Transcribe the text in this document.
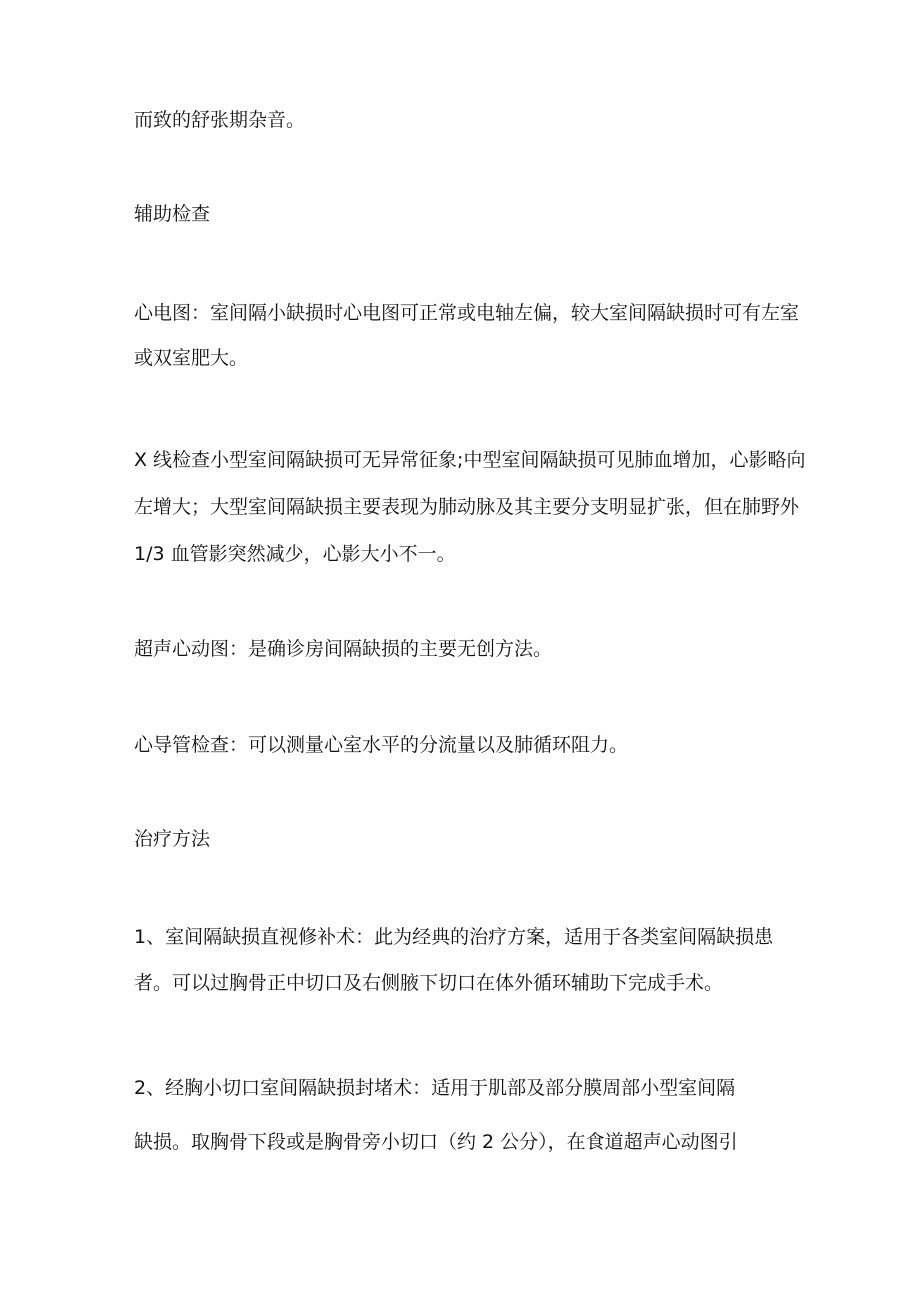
而致的舒张期杂音。
辅助检查
心电图：室间隔小缺损时心电图可正常或电轴左偏，较大室间隔缺损时可有左室
或双室肥大。
X 线检查小型室间隔缺损可无异常征象;中型室间隔缺损可见肺血增加，心影略向
左增大；大型室间隔缺损主要表现为肺动脉及其主要分支明显扩张，但在肺野外
1/3 血管影突然减少，心影大小不一。
超声心动图：是确诊房间隔缺损的主要无创方法。
心导管检查：可以测量心室水平的分流量以及肺循环阻力。
治疗方法
1、室间隔缺损直视修补术：此为经典的治疗方案，适用于各类室间隔缺损患
者。可以过胸骨正中切口及右侧腋下切口在体外循环辅助下完成手术。
2、经胸小切口室间隔缺损封堵术：适用于肌部及部分膜周部小型室间隔
缺损。取胸骨下段或是胸骨旁小切口（约 2 公分），在食道超声心动图引
